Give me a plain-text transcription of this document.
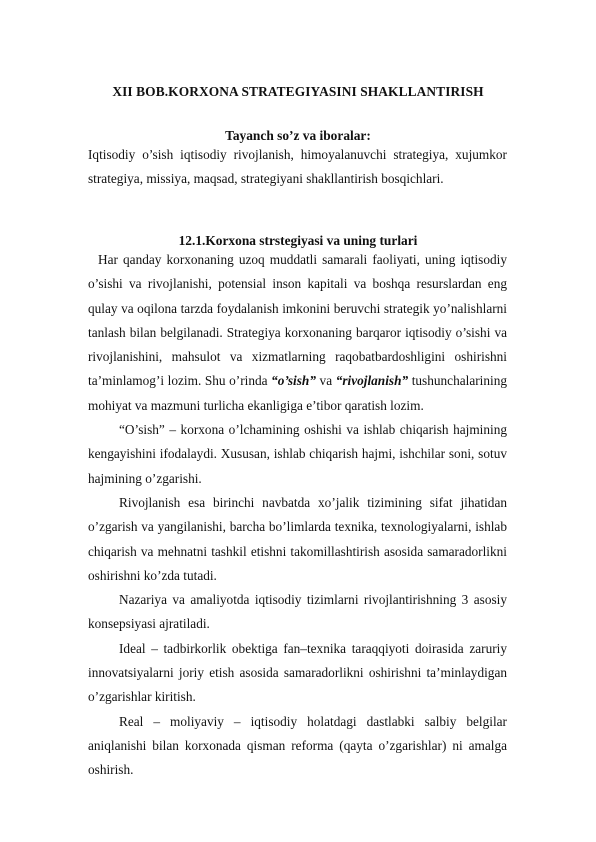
XII BOB.KORXONA STRATEGIYASINI SHAKLLANTIRISH
Tayanch so’z va iboralar:
Iqtisodiy o’sish iqtisodiy rivojlanish, himoyalanuvchi strategiya, xujumkor strategiya, missiya, maqsad, strategiyani shakllantirish bosqichlari.
12.1.Korxona strstegiyasi va uning turlari

Har qanday korxonaning uzoq muddatli samarali faoliyati, uning iqtisodiy o’sishi va rivojlanishi, potensial inson kapitali va boshqa resurslardan eng qulay va oqilona tarzda foydalanish imkonini beruvchi strategik yo’nalishlarni tanlash bilan belgilanadi. Strategiya korxonaning barqaror iqtisodiy o’sishi va rivojlanishini, mahsulot va xizmatlarning raqobatbardoshligini oshirishni ta’minlamog’i lozim. Shu o’rinda “o’sish” va “rivojlanish” tushunchalarining mohiyat va mazmuni turlicha ekanligiga e’tibor qaratish lozim.

“O’sish” – korxona o’lchamining oshishi va ishlab chiqarish hajmining kengayishini ifodalaydi. Xususan, ishlab chiqarish hajmi, ishchilar soni, sotuv hajmining o’zgarishi.

Rivojlanish esa birinchi navbatda xo’jalik tizimining sifat jihatidan o’zgarish va yangilanishi, barcha bo’limlarda texnika, texnologiyalarni, ishlab chiqarish va mehnatni tashkil etishni takomillashtirish asosida samaradorlikni oshirishni ko’zda tutadi.

Nazariya va amaliyotda iqtisodiy tizimlarni rivojlantirishning 3 asosiy konsepsiyasi ajratiladi.

Ideal – tadbirkorlik obektiga fan–texnika taraqqiyoti doirasida zaruriy innovatsiyalarni joriy etish asosida samaradorlikni oshirishni ta’minlaydigan o’zgarishlar kiritish.

Real – moliyaviy – iqtisodiy holatdagi dastlabki salbiy belgilar aniqlanishi bilan korxonada qisman reforma (qayta o’zgarishlar) ni amalga oshirish.
